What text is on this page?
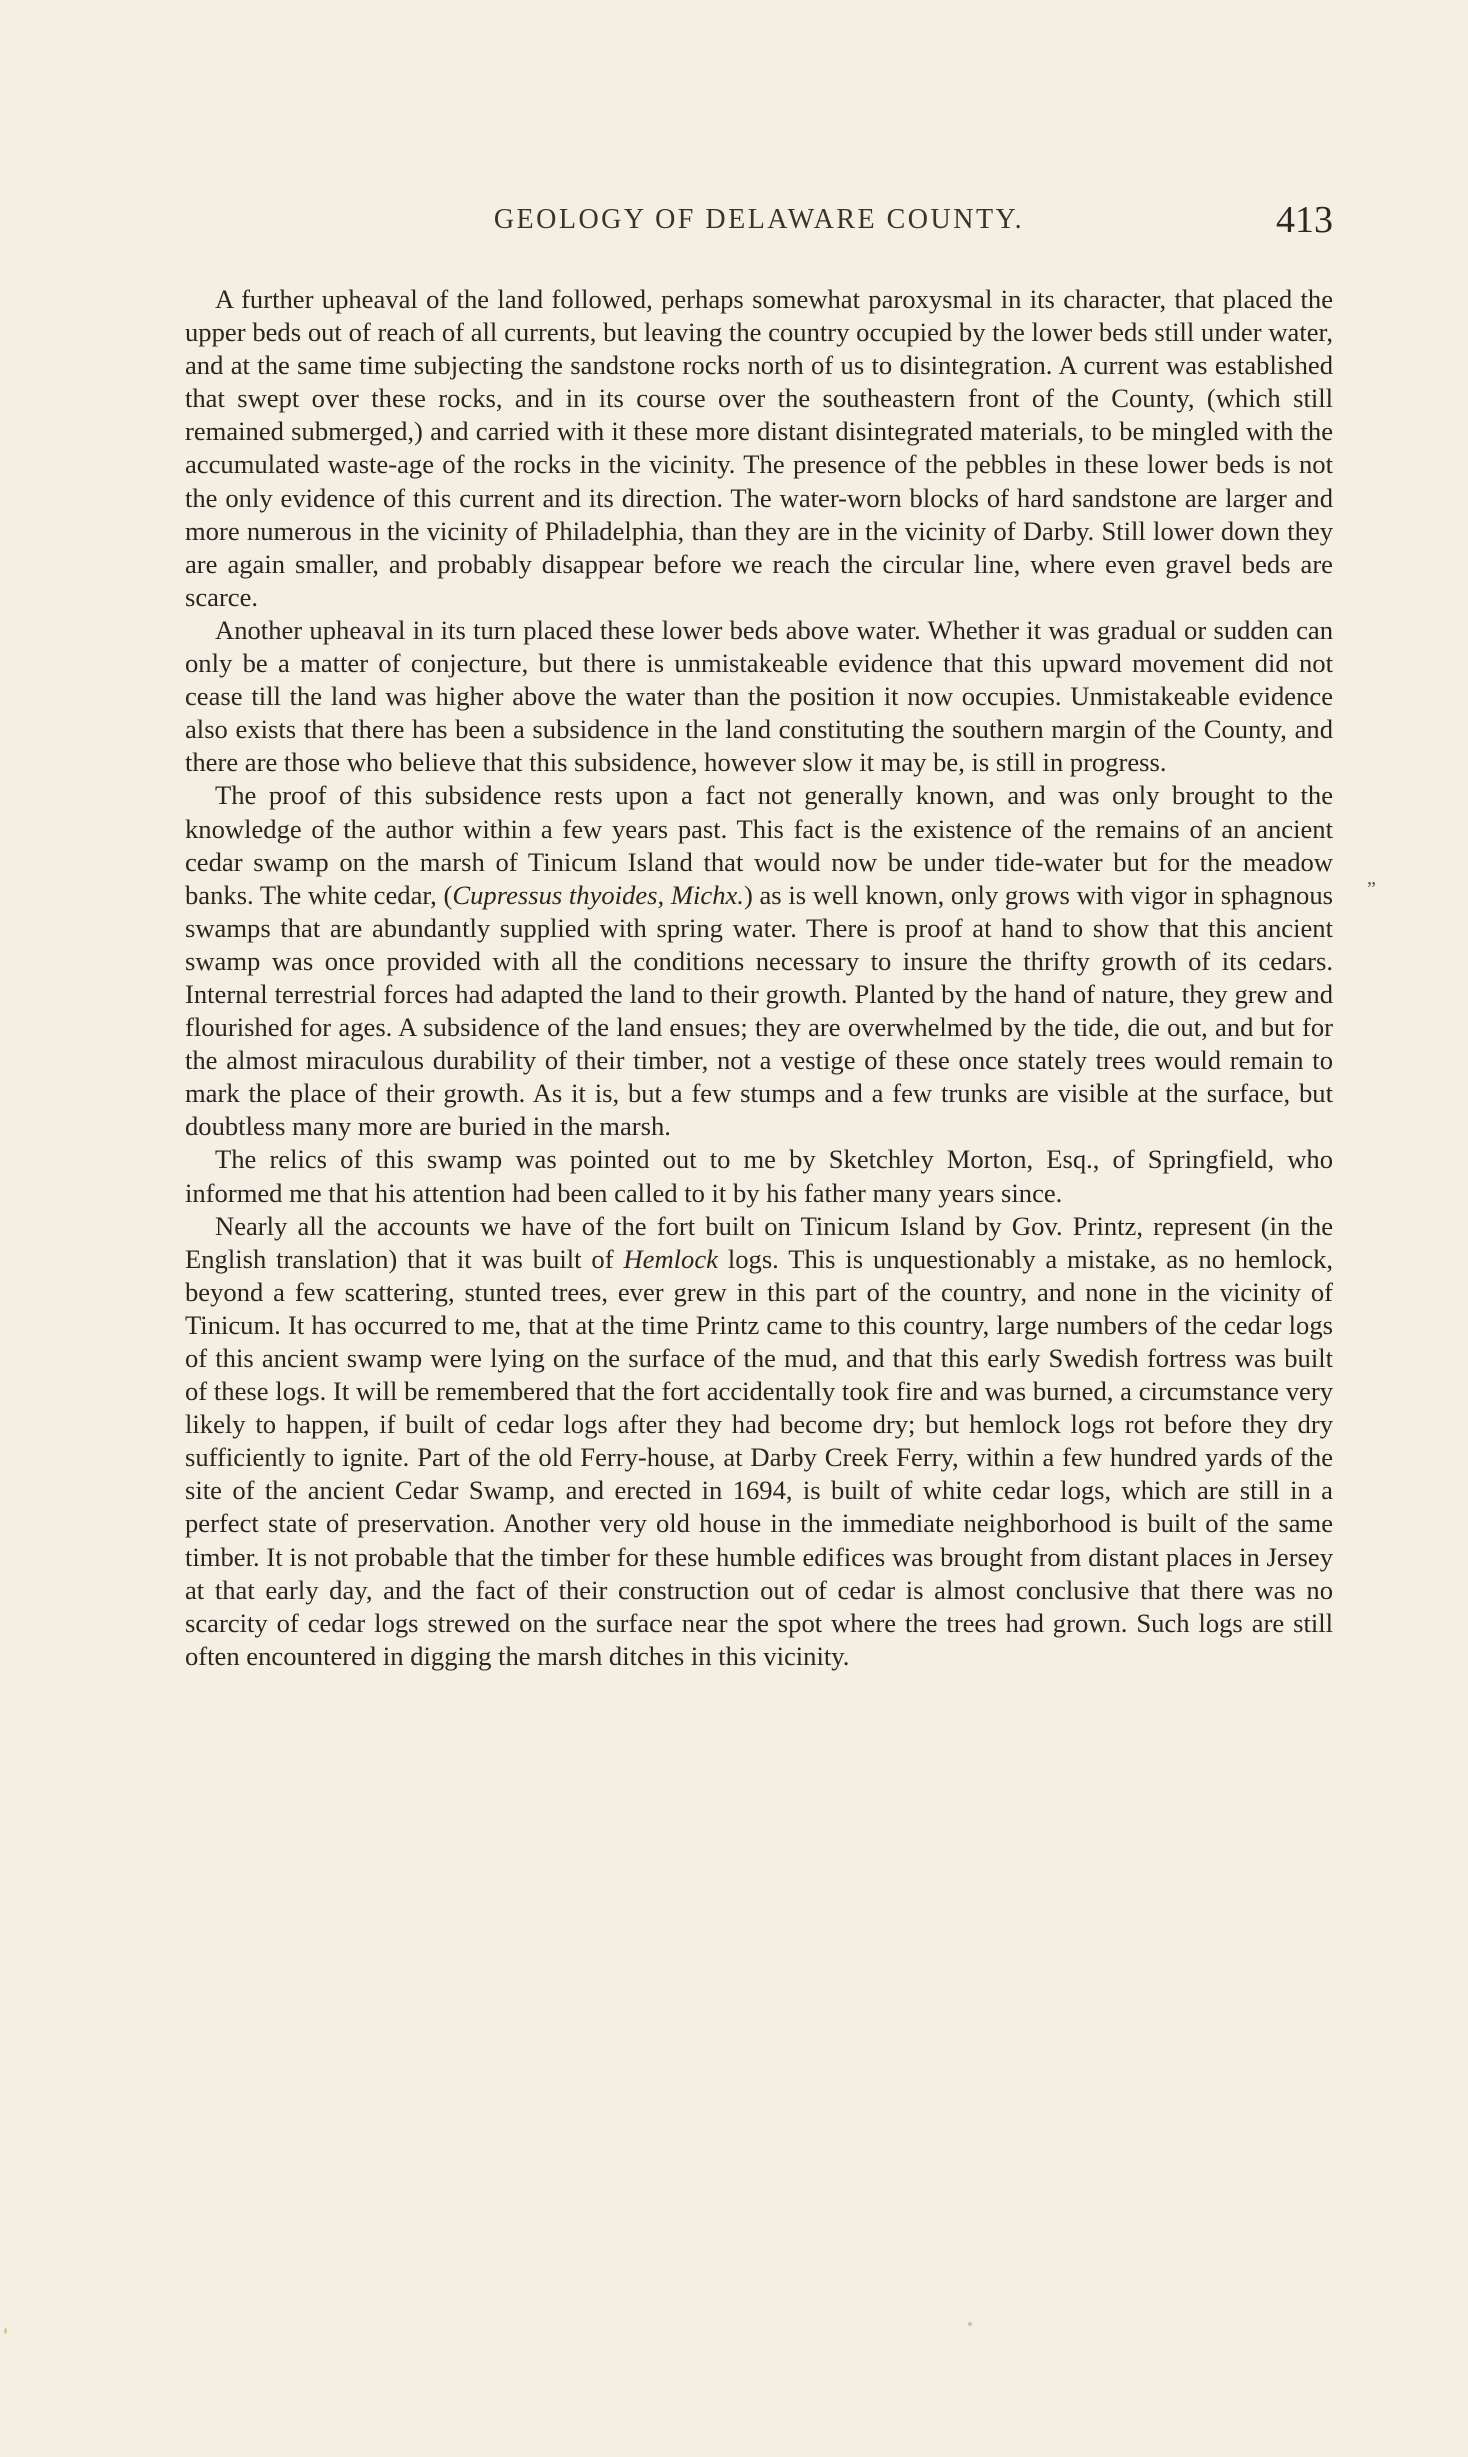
GEOLOGY OF DELAWARE COUNTY.	413

A further upheaval of the land followed, perhaps somewhat paroxysmal in its character, that placed the upper beds out of reach of all currents, but leaving the country occupied by the lower beds still under water, and at the same time subjecting the sandstone rocks north of us to disintegration. A current was established that swept over these rocks, and in its course over the southeastern front of the County, (which still remained submerged,) and carried with it these more distant disintegrated materials, to be mingled with the accumulated waste-age of the rocks in the vicinity. The presence of the pebbles in these lower beds is not the only evidence of this current and its direction. The water-worn blocks of hard sandstone are larger and more numerous in the vicinity of Philadelphia, than they are in the vicinity of Darby. Still lower down they are again smaller, and probably disappear before we reach the circular line, where even gravel beds are scarce.

Another upheaval in its turn placed these lower beds above water. Whether it was gradual or sudden can only be a matter of conjecture, but there is unmistakeable evidence that this upward movement did not cease till the land was higher above the water than the position it now occupies. Unmistakeable evidence also exists that there has been a subsidence in the land constituting the southern margin of the County, and there are those who believe that this subsidence, however slow it may be, is still in progress.

The proof of this subsidence rests upon a fact not generally known, and was only brought to the knowledge of the author within a few years past. This fact is the existence of the remains of an ancient cedar swamp on the marsh of Tinicum Island that would now be under tide-water but for the meadow banks. The white cedar, (Cupressus thyoides, Michx.) as is well known, only grows with vigor in sphagnous swamps that are abundantly supplied with spring water. There is proof at hand to show that this ancient swamp was once provided with all the conditions necessary to insure the thrifty growth of its cedars. Internal terrestrial forces had adapted the land to their growth. Planted by the hand of nature, they grew and flourished for ages. A subsidence of the land ensues; they are overwhelmed by the tide, die out, and but for the almost miraculous durability of their timber, not a vestige of these once stately trees would remain to mark the place of their growth. As it is, but a few stumps and a few trunks are visible at the surface, but doubtless many more are buried in the marsh.

The relics of this swamp was pointed out to me by Sketchley Morton, Esq., of Springfield, who informed me that his attention had been called to it by his father many years since.

Nearly all the accounts we have of the fort built on Tinicum Island by Gov. Printz, represent (in the English translation) that it was built of Hemlock logs. This is unquestionably a mistake, as no hemlock, beyond a few scattering, stunted trees, ever grew in this part of the country, and none in the vicinity of Tinicum. It has occurred to me, that at the time Printz came to this country, large numbers of the cedar logs of this ancient swamp were lying on the surface of the mud, and that this early Swedish fortress was built of these logs. It will be remembered that the fort accidentally took fire and was burned, a circumstance very likely to happen, if built of cedar logs after they had become dry; but hemlock logs rot before they dry sufficiently to ignite. Part of the old Ferry-house, at Darby Creek Ferry, within a few hundred yards of the site of the ancient Cedar Swamp, and erected in 1694, is built of white cedar logs, which are still in a perfect state of preservation. Another very old house in the immediate neighborhood is built of the same timber. It is not probable that the timber for these humble edifices was brought from distant places in Jersey at that early day, and the fact of their construction out of cedar is almost conclusive that there was no scarcity of cedar logs strewed on the surface near the spot where the trees had grown. Such logs are still often encountered in digging the marsh ditches in this vicinity.

”
